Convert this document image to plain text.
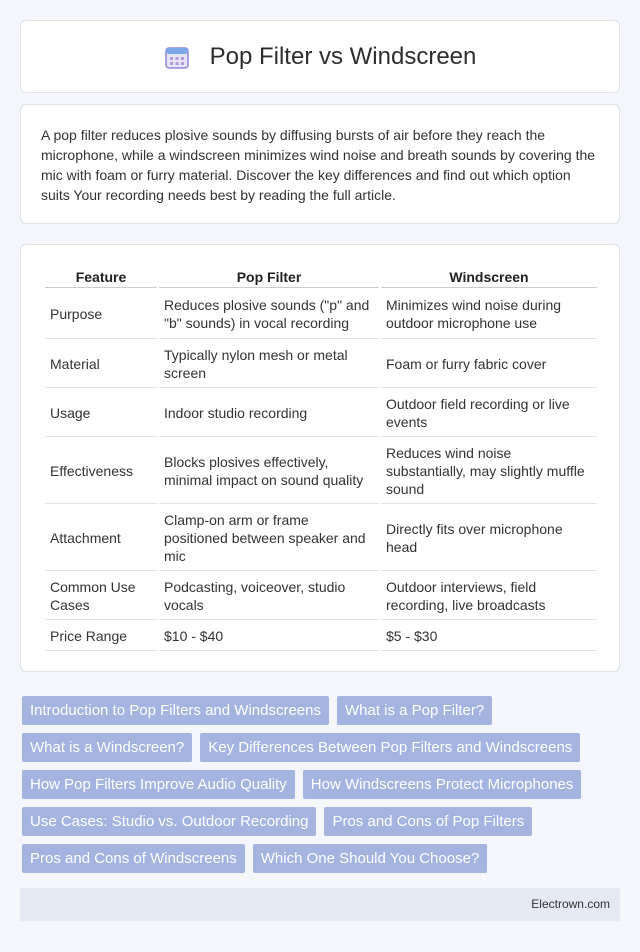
Pop Filter vs Windscreen

A pop filter reduces plosive sounds by diffusing bursts of air before they reach the microphone, while a windscreen minimizes wind noise and breath sounds by covering the mic with foam or furry material. Discover the key differences and find out which option suits Your recording needs best by reading the full article.

Feature	Pop Filter	Windscreen
Purpose	Reduces plosive sounds ("p" and "b" sounds) in vocal recording	Minimizes wind noise during outdoor microphone use
Material	Typically nylon mesh or metal screen	Foam or furry fabric cover
Usage	Indoor studio recording	Outdoor field recording or live events
Effectiveness	Blocks plosives effectively, minimal impact on sound quality	Reduces wind noise substantially, may slightly muffle sound
Attachment	Clamp-on arm or frame positioned between speaker and mic	Directly fits over microphone head
Common Use Cases	Podcasting, voiceover, studio vocals	Outdoor interviews, field recording, live broadcasts
Price Range	$10 - $40	$5 - $30
Introduction to Pop Filters and Windscreens	What is a Pop Filter?
What is a Windscreen?	Key Differences Between Pop Filters and Windscreens
How Pop Filters Improve Audio Quality	How Windscreens Protect Microphones
Use Cases: Studio vs. Outdoor Recording	Pros and Cons of Pop Filters
Pros and Cons of Windscreens	Which One Should You Choose?
Electrown.com
